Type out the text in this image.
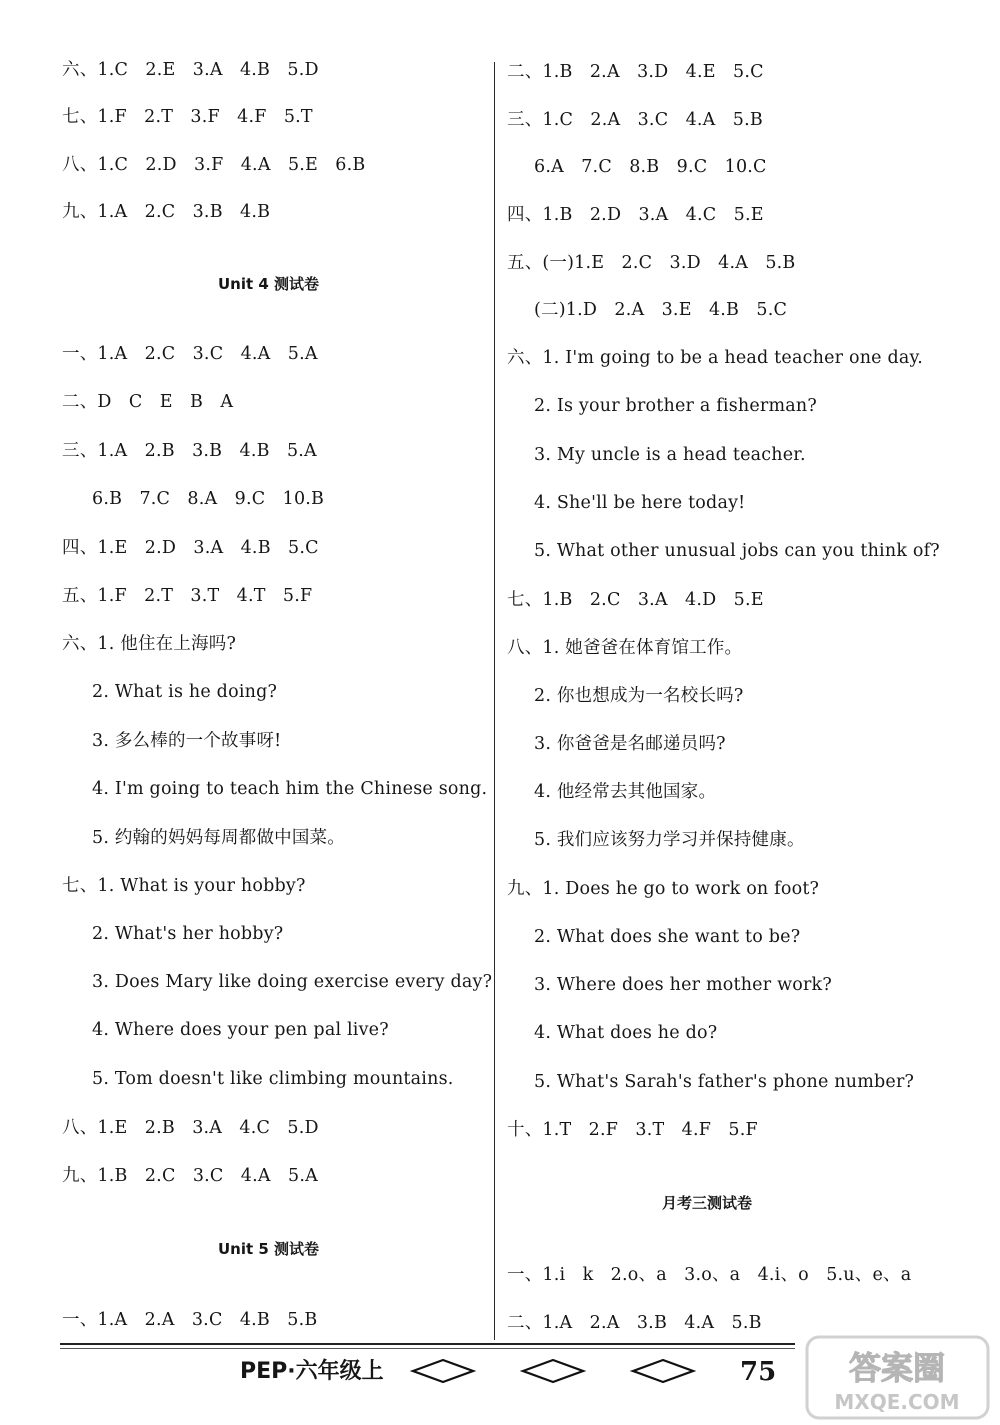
六、1.C   2.E   3.A   4.B   5.D
七、1.F   2.T   3.F   4.F   5.T
八、1.C   2.D   3.F   4.A   5.E   6.B
九、1.A   2.C   3.B   4.B
Unit 4 测试卷
一、1.A   2.C   3.C   4.A   5.A
二、D   C   E   B   A
三、1.A   2.B   3.B   4.B   5.A
6.B   7.C   8.A   9.C   10.B
四、1.E   2.D   3.A   4.B   5.C
五、1.F   2.T   3.T   4.T   5.F
六、1. 他住在上海吗?
2. What is he doing?
3. 多么棒的一个故事呀!
4. I'm going to teach him the Chinese song.
5. 约翰的妈妈每周都做中国菜。
七、1. What is your hobby?
2. What's her hobby?
3. Does Mary like doing exercise every day?
4. Where does your pen pal live?
5. Tom doesn't like climbing mountains.
八、1.E   2.B   3.A   4.C   5.D
九、1.B   2.C   3.C   4.A   5.A
Unit 5 测试卷
一、1.A   2.A   3.C   4.B   5.B
二、1.B   2.A   3.D   4.E   5.C
三、1.C   2.A   3.C   4.A   5.B
6.A   7.C   8.B   9.C   10.C
四、1.B   2.D   3.A   4.C   5.E
五、(一)1.E   2.C   3.D   4.A   5.B
(二)1.D   2.A   3.E   4.B   5.C
六、1. I'm going to be a head teacher one day.
2. Is your brother a fisherman?
3. My uncle is a head teacher.
4. She'll be here today!
5. What other unusual jobs can you think of?
七、1.B   2.C   3.A   4.D   5.E
八、1. 她爸爸在体育馆工作。
2. 你也想成为一名校长吗?
3. 你爸爸是名邮递员吗?
4. 他经常去其他国家。
5. 我们应该努力学习并保持健康。
九、1. Does he go to work on foot?
2. What does she want to be?
3. Where does her mother work?
4. What does he do?
5. What's Sarah's father's phone number?
十、1.T   2.F   3.T   4.F   5.F
月考三测试卷
一、1.i   k   2.o、a   3.o、a   4.i、o   5.u、e、a
二、1.A   2.A   3.B   4.A   5.B
PEP·六年级上	75 答案圈
MXQE.COM
